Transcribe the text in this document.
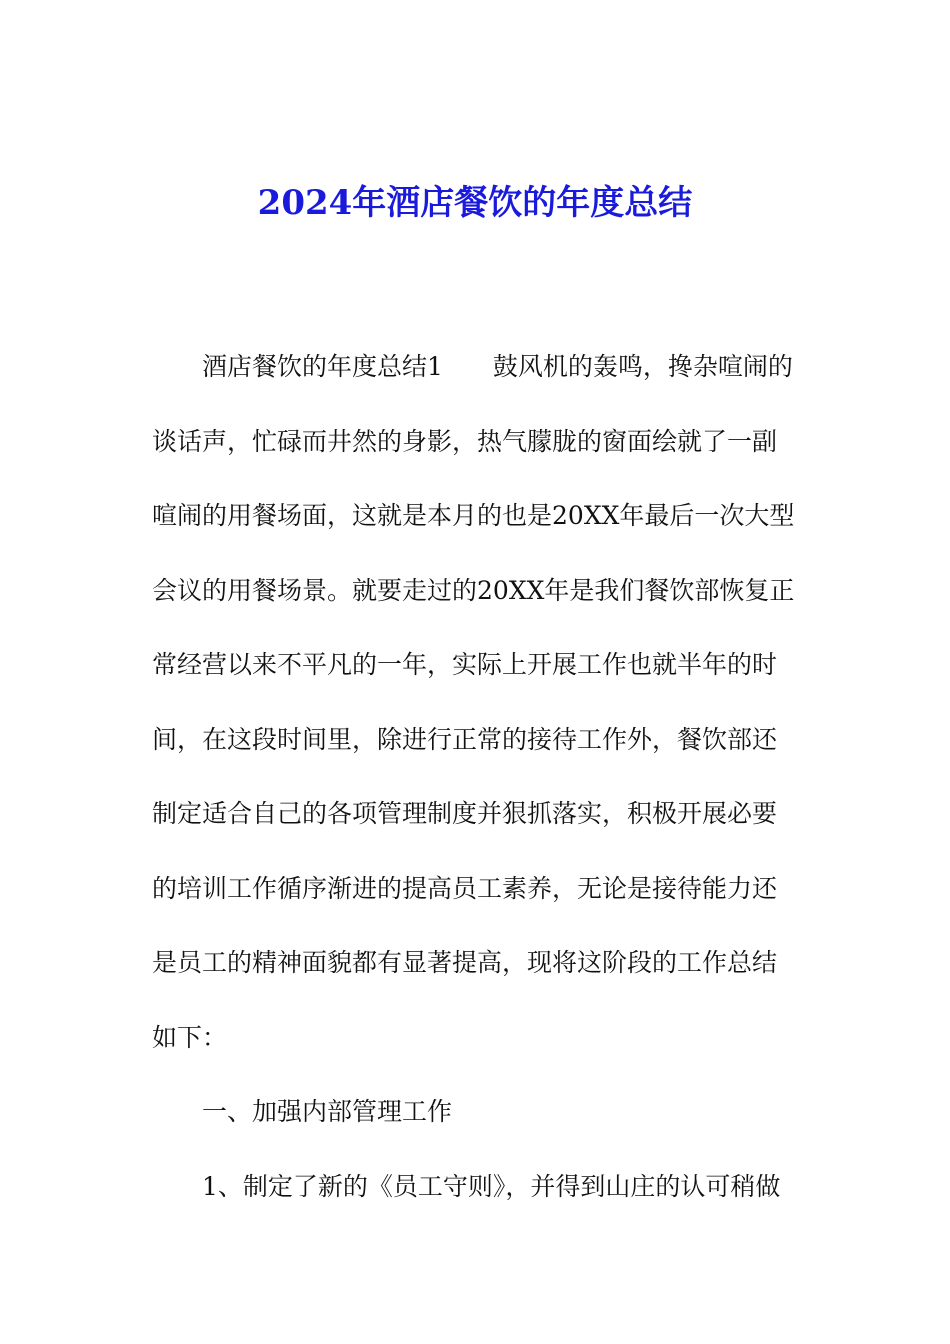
2024年酒店餐饮的年度总结
酒店餐饮的年度总结1 鼓风机的轰鸣，搀杂喧闹的
谈话声，忙碌而井然的身影，热气朦胧的窗面绘就了一副
喧闹的用餐场面，这就是本月的也是20XX年最后一次大型
会议的用餐场景。就要走过的20XX年是我们餐饮部恢复正
常经营以来不平凡的一年，实际上开展工作也就半年的时
间，在这段时间里，除进行正常的接待工作外，餐饮部还
制定适合自己的各项管理制度并狠抓落实，积极开展必要
的培训工作循序渐进的提高员工素养，无论是接待能力还
是员工的精神面貌都有显著提高，现将这阶段的工作总结
如下：
一、加强内部管理工作
1、制定了新的《员工守则》，并得到山庄的认可稍做
